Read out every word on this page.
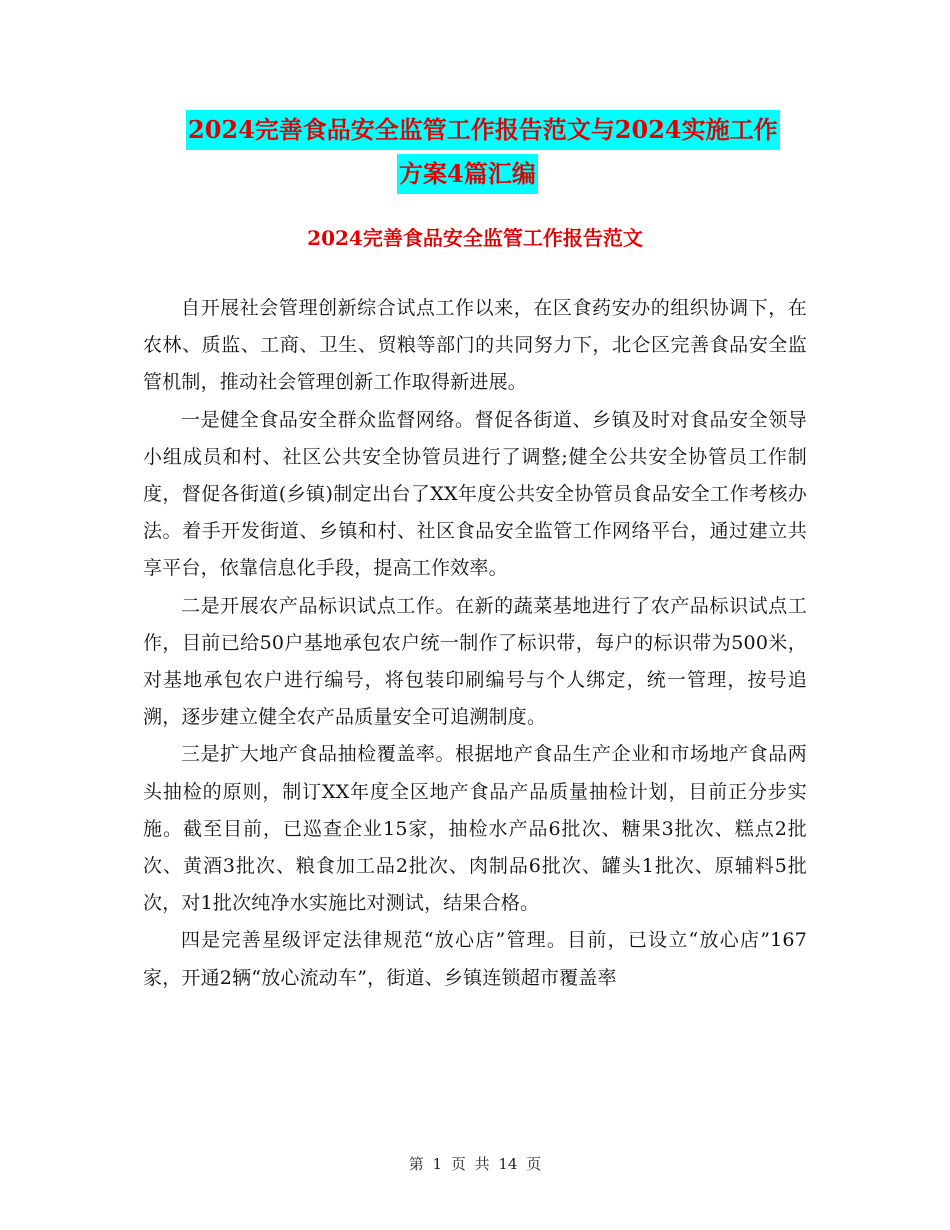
2024完善食品安全监管工作报告范文与2024实施工作
方案4篇汇编
2024完善食品安全监管工作报告范文

自开展社会管理创新综合试点工作以来，在区食药安办的组织协调下，在农林、质监、工商、卫生、贸粮等部门的共同努力下，北仑区完善食品安全监管机制，推动社会管理创新工作取得新进展。

一是健全食品安全群众监督网络。督促各街道、乡镇及时对食品安全领导小组成员和村、社区公共安全协管员进行了调整;健全公共安全协管员工作制度，督促各街道(乡镇)制定出台了XX年度公共安全协管员食品安全工作考核办法。着手开发街道、乡镇和村、社区食品安全监管工作网络平台，通过建立共享平台，依靠信息化手段，提高工作效率。

二是开展农产品标识试点工作。在新的蔬菜基地进行了农产品标识试点工作，目前已给50户基地承包农户统一制作了标识带，每户的标识带为500米，对基地承包农户进行编号，将包装印刷编号与个人绑定，统一管理，按号追溯，逐步建立健全农产品质量安全可追溯制度。

三是扩大地产食品抽检覆盖率。根据地产食品生产企业和市场地产食品两头抽检的原则，制订XX年度全区地产食品产品质量抽检计划，目前正分步实施。截至目前，已巡查企业15家，抽检水产品6批次、糖果3批次、糕点2批次、黄酒3批次、粮食加工品2批次、肉制品6批次、罐头1批次、原辅料5批次，对1批次纯净水实施比对测试，结果合格。

四是完善星级评定法律规范“放心店”管理。目前，已设立“放心店”167家，开通2辆“放心流动车”，街道、乡镇连锁超市覆盖率

第 1 页 共 14 页
